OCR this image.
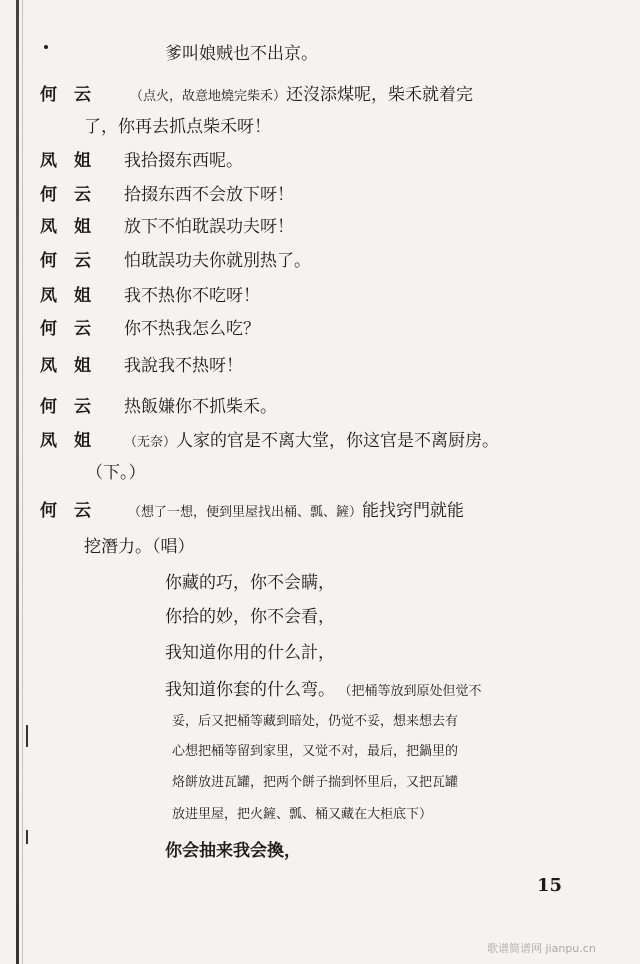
爹叫娘贼也不出京。
何　云	（点火，故意地燒完柴禾）还沒添煤呢，柴禾就着完
了，你再去抓点柴禾呀！
凤　姐 我拾掇东西呢。
何　云 拾掇东西不会放下呀！
凤　姐 放下不怕耽誤功夫呀！
何　云 怕耽誤功夫你就別热了。
凤　姐 我不热你不吃呀！
何　云 你不热我怎么吃？
凤　姐 我說我不热呀！
何　云 热飯嫌你不抓柴禾。
凤　姐	（无奈）人家的官是不离大堂，你这官是不离厨房。
（下。）
何　云	（想了一想，便到里屋找出桶、瓢、鏟）能找窍門就能
挖潛力。（唱）
你藏的巧，你不会瞒，
你拾的妙，你不会看，
我知道你用的什么計，
我知道你套的什么弯。 （把桶等放到原处但觉不
妥，后又把桶等藏到暗处，仍觉不妥，想来想去有
心想把桶等留到家里，又觉不对，最后，把鍋里的
烙餅放进瓦罐，把两个餅子揣到怀里后，又把瓦罐
放进里屋，把火鏟、瓢、桶又藏在大柜底下）
你会抽来我会換，
15
歌谱简谱网 jianpu.cn
